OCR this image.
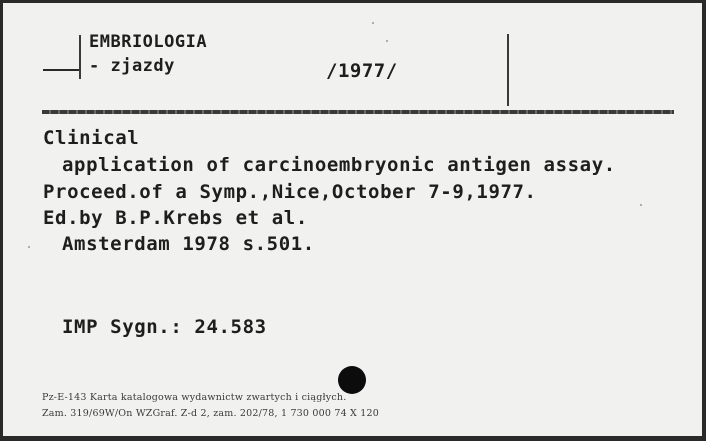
EMBRIOLOGIA
- zjazdy	/1977/
Clinical
application of carcinoembryonic antigen assay.
Proceed.of a Symp.,Nice,October 7-9,1977.
Ed.by B.P.Krebs et al.
Amsterdam 1978 s.501.
IMP Sygn.: 24.583
Pz-E-143 Karta katalogowa wydawnictw zwartych i ciągłych.
Zam. 319/69W/On WZGraf. Z-d 2, zam. 202/78, 1 730 000 74 X 120
